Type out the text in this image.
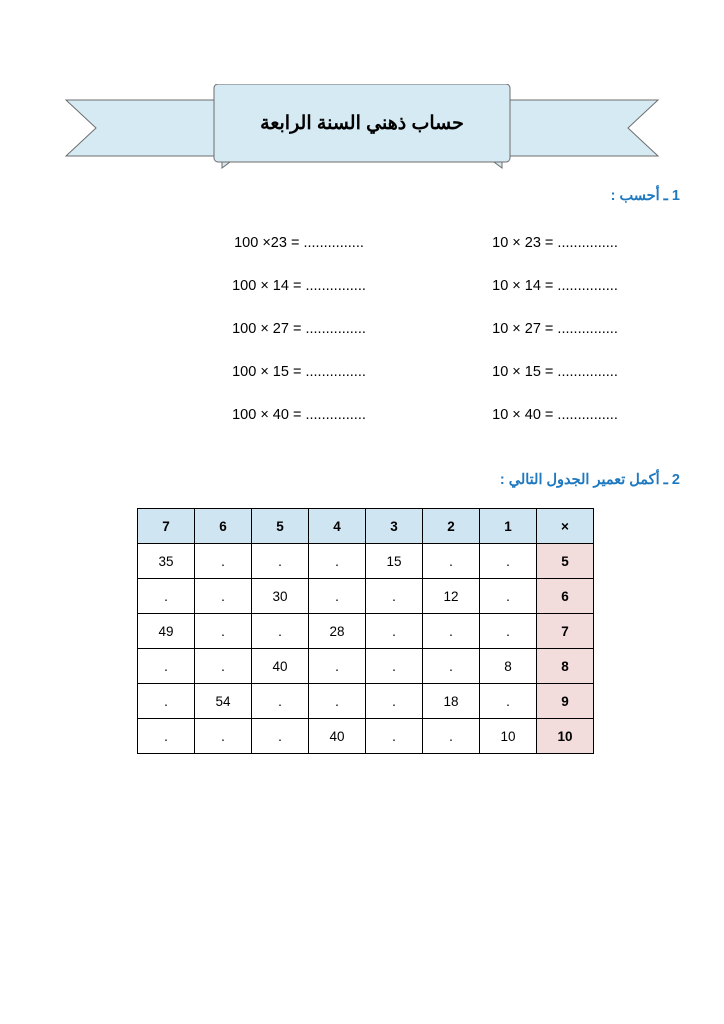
حساب ذهني السنة الرابعة
1 ـ أحسب :
10 × 23 = ...............
10 × 14 = ...............
10 × 27 = ...............
10 × 15 = ...............
10 × 40 = ...............
100 ×23 = ...............
100 × 14 = ...............
100 × 27 = ...............
100 × 15 = ...............
100 × 40 = ...............
2 ـ أكمل تعمير الجدول التالي :
×	1	2	3	4	5	6	7
5	.	.	15	.	.	.	35
6	.	12	.	.	30	.	.
7	.	.	.	28	.	.	49
8	8	.	.	.	40	.	.
9	.	18	.	.	.	54	.
10	10	.	.	40	.	.	.
